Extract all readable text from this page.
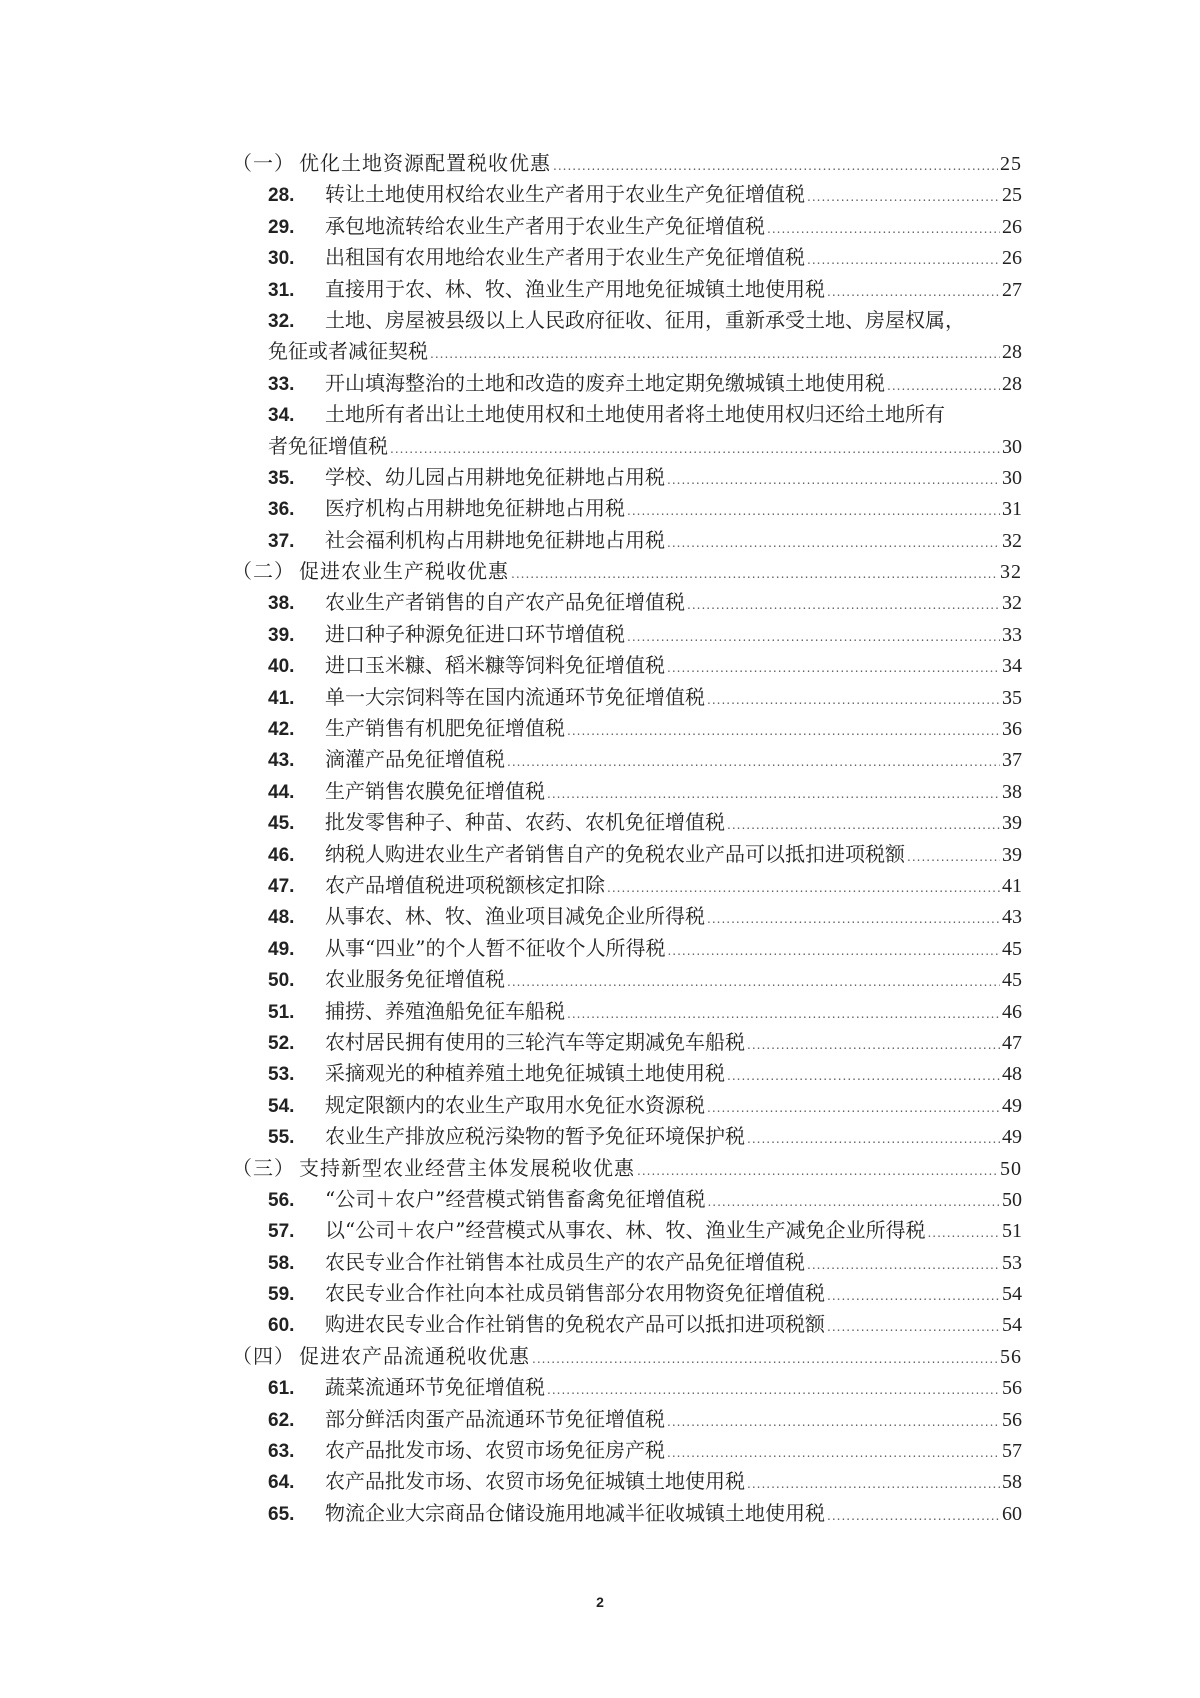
（一） 优化土地资源配置税收优惠 .....	25
28.	转让土地使用权给农业生产者用于农业生产免征增值税 .....	25
29.	承包地流转给农业生产者用于农业生产免征增值税 .....	26
30.	出租国有农用地给农业生产者用于农业生产免征增值税 .....	26
31.	直接用于农、林、牧、渔业生产用地免征城镇土地使用税 .....	27
32.	土地、房屋被县级以上人民政府征收、征用，重新承受土地、房屋权属，
免征或者减征契税 .....	28
33.	开山填海整治的土地和改造的废弃土地定期免缴城镇土地使用税 .....	28
34.	土地所有者出让土地使用权和土地使用者将土地使用权归还给土地所有
者免征增值税 .....	30
35.	学校、幼儿园占用耕地免征耕地占用税 .....	30
36.	医疗机构占用耕地免征耕地占用税 .....	31
37.	社会福利机构占用耕地免征耕地占用税 .....	32
（二） 促进农业生产税收优惠 .....	32
38.	农业生产者销售的自产农产品免征增值税 .....	32
39.	进口种子种源免征进口环节增值税 .....	33
40.	进口玉米糠、稻米糠等饲料免征增值税 .....	34
41.	单一大宗饲料等在国内流通环节免征增值税 .....	35
42.	生产销售有机肥免征增值税 .....	36
43.	滴灌产品免征增值税 .....	37
44.	生产销售农膜免征增值税 .....	38
45.	批发零售种子、种苗、农药、农机免征增值税 .....	39
46.	纳税人购进农业生产者销售自产的免税农业产品可以抵扣进项税额 .....	39
47.	农产品增值税进项税额核定扣除 .....	41
48.	从事农、林、牧、渔业项目减免企业所得税 .....	43
49.	从事“四业”的个人暂不征收个人所得税 .....	45
50.	农业服务免征增值税 .....	45
51.	捕捞、养殖渔船免征车船税 .....	46
52.	农村居民拥有使用的三轮汽车等定期减免车船税 .....	47
53.	采摘观光的种植养殖土地免征城镇土地使用税 .....	48
54.	规定限额内的农业生产取用水免征水资源税 .....	49
55.	农业生产排放应税污染物的暂予免征环境保护税 .....	49
（三） 支持新型农业经营主体发展税收优惠 .....	50
56.	“公司＋农户”经营模式销售畜禽免征增值税 .....	50
57.	以“公司＋农户”经营模式从事农、林、牧、渔业生产减免企业所得税 .....	51
58.	农民专业合作社销售本社成员生产的农产品免征增值税 .....	53
59.	农民专业合作社向本社成员销售部分农用物资免征增值税 .....	54
60.	购进农民专业合作社销售的免税农产品可以抵扣进项税额 .....	54
（四） 促进农产品流通税收优惠 .....	56
61.	蔬菜流通环节免征增值税 .....	56
62.	部分鲜活肉蛋产品流通环节免征增值税 .....	56
63.	农产品批发市场、农贸市场免征房产税 .....	57
64.	农产品批发市场、农贸市场免征城镇土地使用税 .....	58
65.	物流企业大宗商品仓储设施用地减半征收城镇土地使用税 .....	60
2
